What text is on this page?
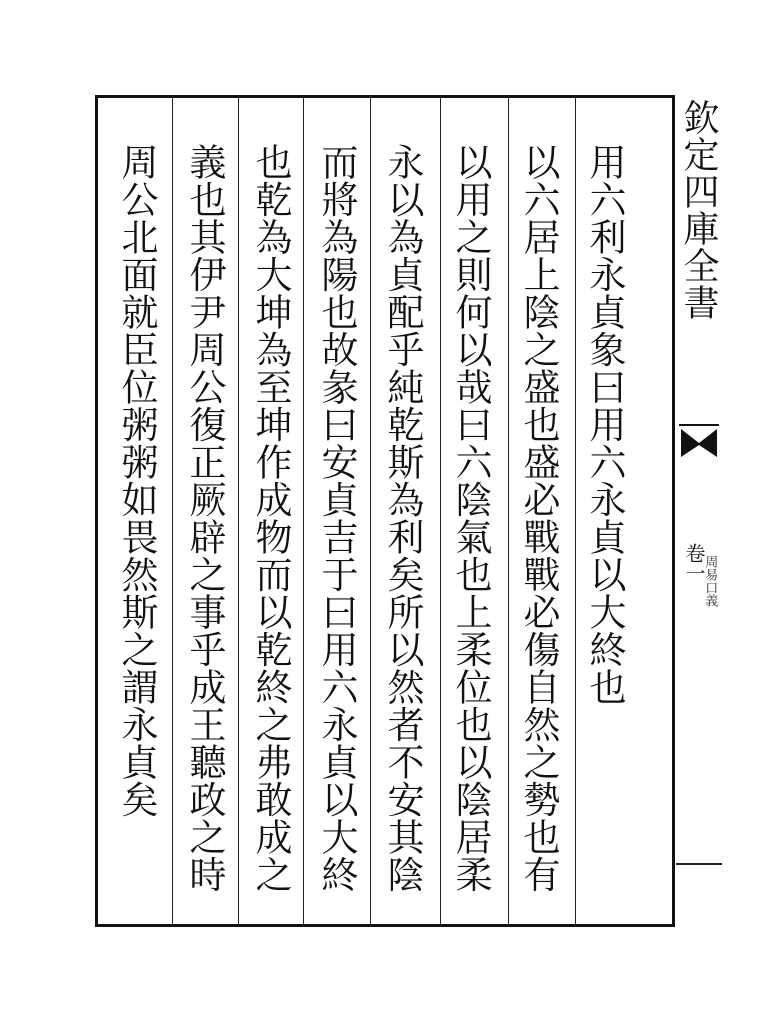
欽定四庫全書
卷一
周易口義
用六利永貞象曰用六永貞以大終也
以六居上陰之盛也盛必戰戰必傷自然之勢也有
以用之則何以哉曰六陰氣也上柔位也以陰居柔
永以為貞配乎純乾斯為利矣所以然者不安其陰
而將為陽也故彖曰安貞吉于曰用六永貞以大終
也乾為大坤為至坤作成物而以乾終之弗敢成之
義也其伊尹周公復正厥辟之事乎成王聽政之時
周公北面就臣位粥粥如畏然斯之謂永貞矣
